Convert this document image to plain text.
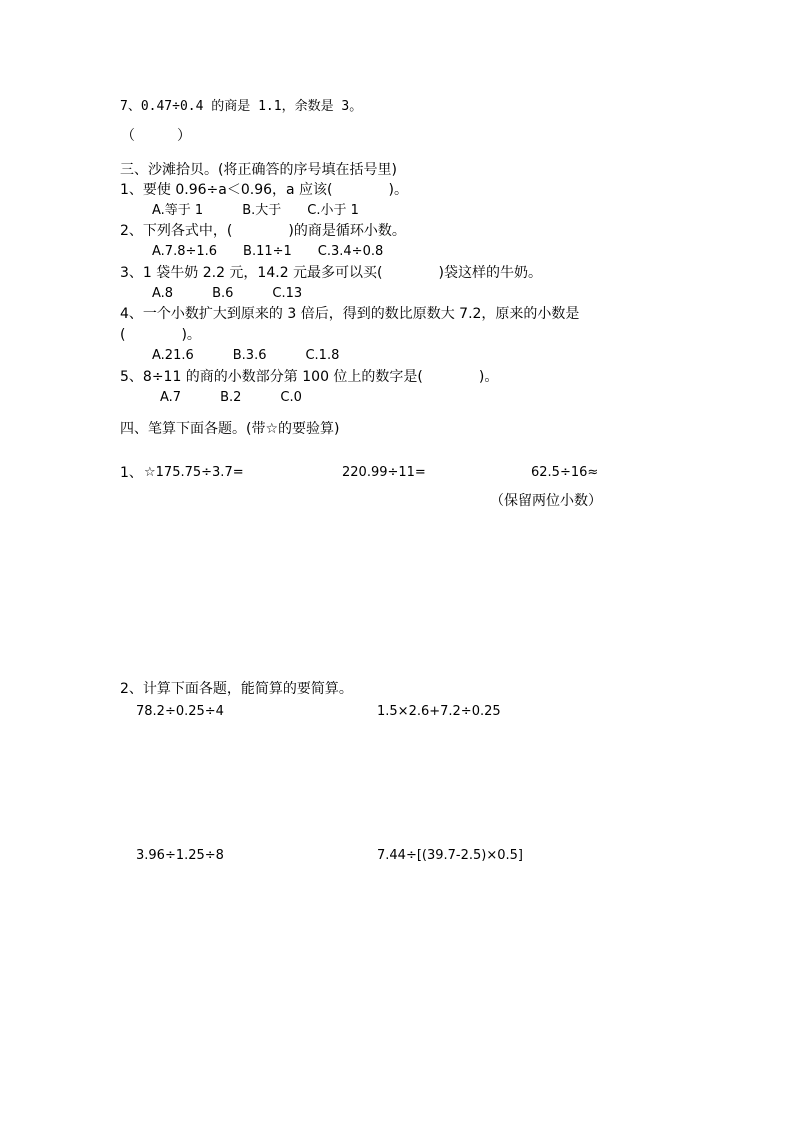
7、0.47÷0.4 的商是 1.1，余数是 3。
（　　　）
三、沙滩拾贝。(将正确答的序号填在括号里)
1、要使 0.96÷a＜0.96，a 应该(　　　　)。
A.等于 1　　　B.大于　　C.小于 1
2、下列各式中，(　　　　)的商是循环小数。
A.7.8÷1.6　　B.11÷1　　C.3.4÷0.8
3、1 袋牛奶 2.2 元，14.2 元最多可以买(　　　　)袋这样的牛奶。
A.8　　　B.6　　　C.13
4、一个小数扩大到原来的 3 倍后，得到的数比原数大 7.2，原来的小数是
(　　　　)。
A.21.6　　　B.3.6　　　C.1.8
5、8÷11 的商的小数部分第 100 位上的数字是(　　　　)。
A.7　　　B.2　　　C.0
四、笔算下面各题。(带☆的要验算)
1、 ☆175.75÷3.7=	220.99÷11=	62.5÷16≈
（保留两位小数）
2、计算下面各题，能简算的要简算。
78.2÷0.25÷4	1.5×2.6+7.2÷0.25
3.96÷1.25÷8	7.44÷[(39.7-2.5)×0.5]
